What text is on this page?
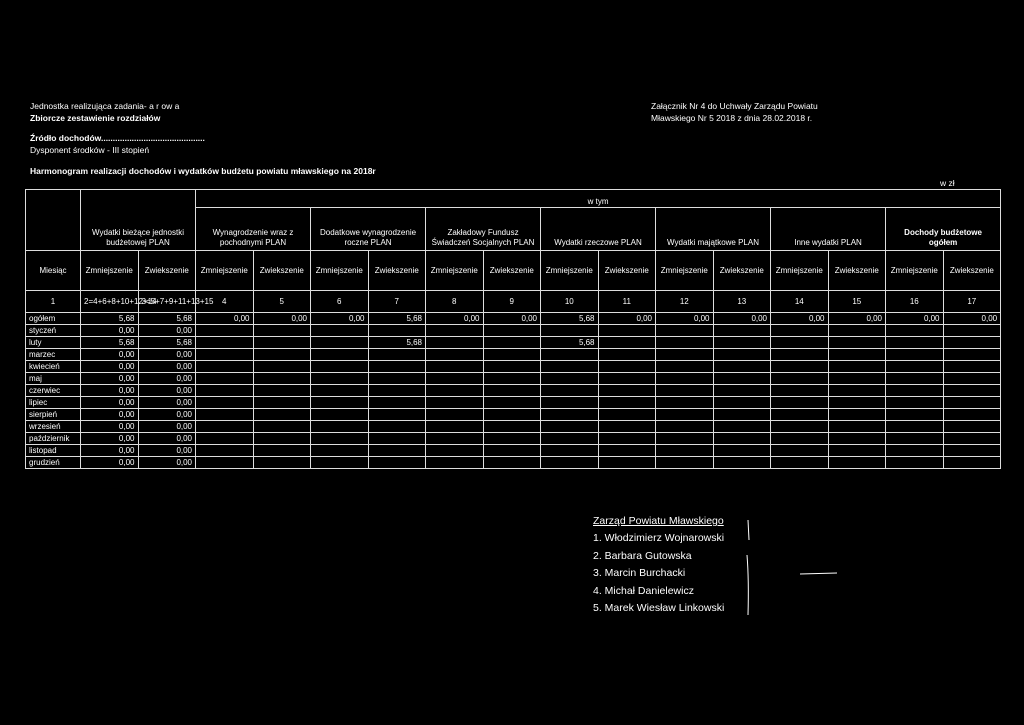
Jednostka realizująca zadania- a r ow a
Zbiorcze zestawienie rozdziałów
Załącznik Nr 4 do Uchwały Zarządu Powiatu
Mławskiego Nr 5 2018 z dnia 28.02.2018 r.
Źródło dochodów............................................
Dysponent środków - III stopień
Harmonogram realizacji dochodów i wydatków budżetu powiatu mławskiego na 2018r
w zł
	Wydatki bieżące jednostki budżetowej PLAN		w tym													
			Wynagrodzenie wraz z pochodnymi PLAN		Dodatkowe wynagrodzenie roczne PLAN		Zakładowy Fundusz Świadczeń Socjalnych PLAN		Wydatki rzeczowe PLAN		Wydatki majątkowe PLAN		Inne wydatki PLAN		Dochody budżetowe ogółem	
Miesiąc	Zmniejszenie	Zwiekszenie	Zmniejszenie	Zwiekszenie	Zmniejszenie	Zwiekszenie	Zmniejszenie	Zwiekszenie	Zmniejszenie	Zwiekszenie	Zmniejszenie	Zwiekszenie	Zmniejszenie	Zwiekszenie	Zmniejszenie	Zwiekszenie
1	2=4+6+8+10+12+14	3=5+7+9+11+13+15	4	5	6	7	8	9	10	11	12	13	14	15	16	17
ogółem	5,68	5,68	0,00	0,00	0,00	5,68	0,00	0,00	5,68	0,00	0,00	0,00	0,00	0,00	0,00	0,00
styczeń	0,00	0,00														
luty	5,68	5,68				5,68			5,68							
marzec	0,00	0,00														
kwiecień	0,00	0,00														
maj	0,00	0,00														
czerwiec	0,00	0,00														
lipiec	0,00	0,00														
sierpień	0,00	0,00														
wrzesień	0,00	0,00														
październik	0,00	0,00														
listopad	0,00	0,00														
grudzień	0,00	0,00														
Zarząd Powiatu Mławskiego
1. Włodzimierz Wojnarowski
2. Barbara Gutowska
3. Marcin Burchacki
4. Michał Danielewicz
5. Marek Wiesław Linkowski
